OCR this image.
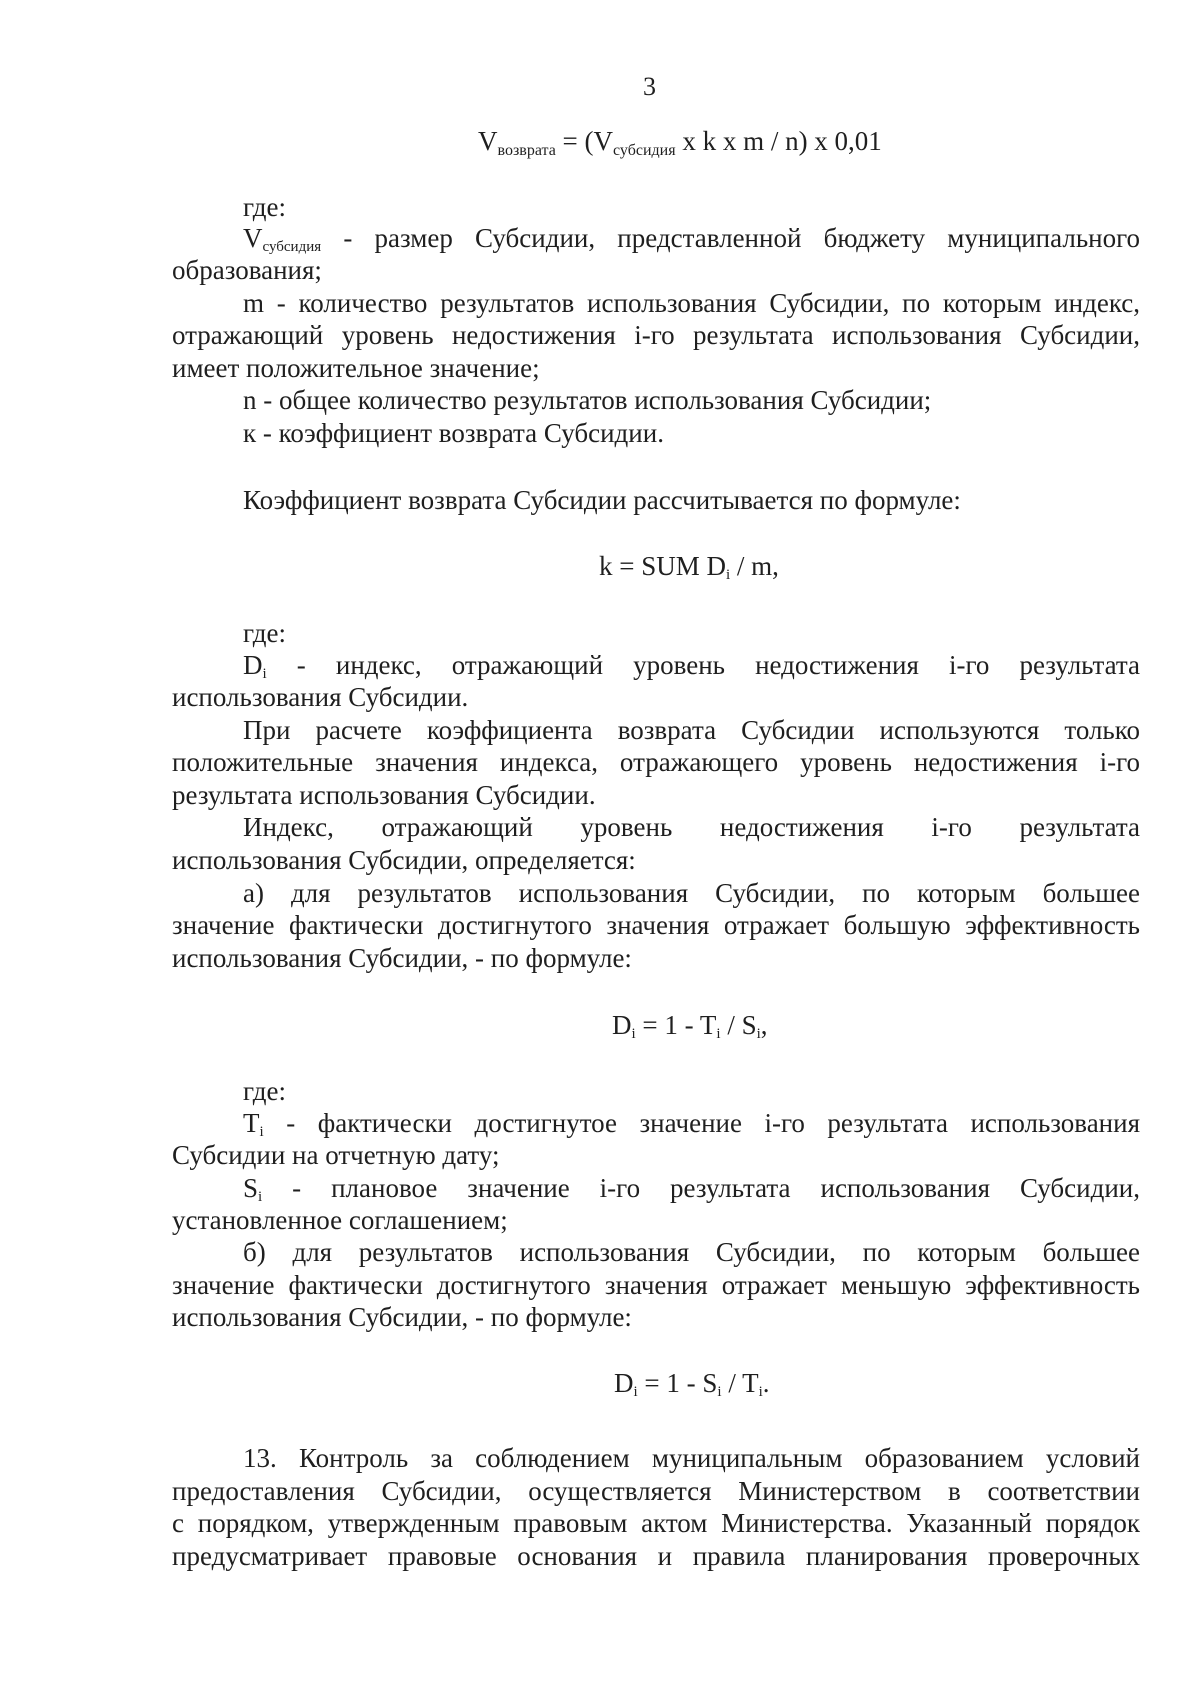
3
$V_{возврата} = (V_{субсидия}$ x k x m / n) x 0,01
где:
$V_{субсидия}$ - размер Субсидии, представленной бюджету муниципального
образования;
m - количество результатов использования Субсидии, по которым индекс,
отражающий уровень недостижения i-го результата использования Субсидии,
имеет положительное значение;
n - общее количество результатов использования Субсидии;
к - коэффициент возврата Субсидии.
Коэффициент возврата Субсидии рассчитывается по формуле:
k = SUM $D_i$ / m,
где:
$D_i$ - индекс, отражающий уровень недостижения i-го результата
использования Субсидии.
При расчете коэффициента возврата Субсидии используются только
положительные значения индекса, отражающего уровень недостижения i-го
результата использования Субсидии.
Индекс, отражающий уровень недостижения i-го результата
использования Субсидии, определяется:
а) для результатов использования Субсидии, по которым большее
значение фактически достигнутого значения отражает большую эффективность
использования Субсидии, - по формуле:
$D_i = 1 - T_i / S_i$,
где:
$T_i$ - фактически достигнутое значение i-го результата использования
Субсидии на отчетную дату;
$S_i$ - плановое значение i-го результата использования Субсидии,
установленное соглашением;
б) для результатов использования Субсидии, по которым большее
значение фактически достигнутого значения отражает меньшую эффективность
использования Субсидии, - по формуле:
$D_i = 1 - S_i / T_i$.
13. Контроль за соблюдением муниципальным образованием условий
предоставления Субсидии, осуществляется Министерством в соответствии
с порядком, утвержденным правовым актом Министерства. Указанный порядок
предусматривает правовые основания и правила планирования проверочных
